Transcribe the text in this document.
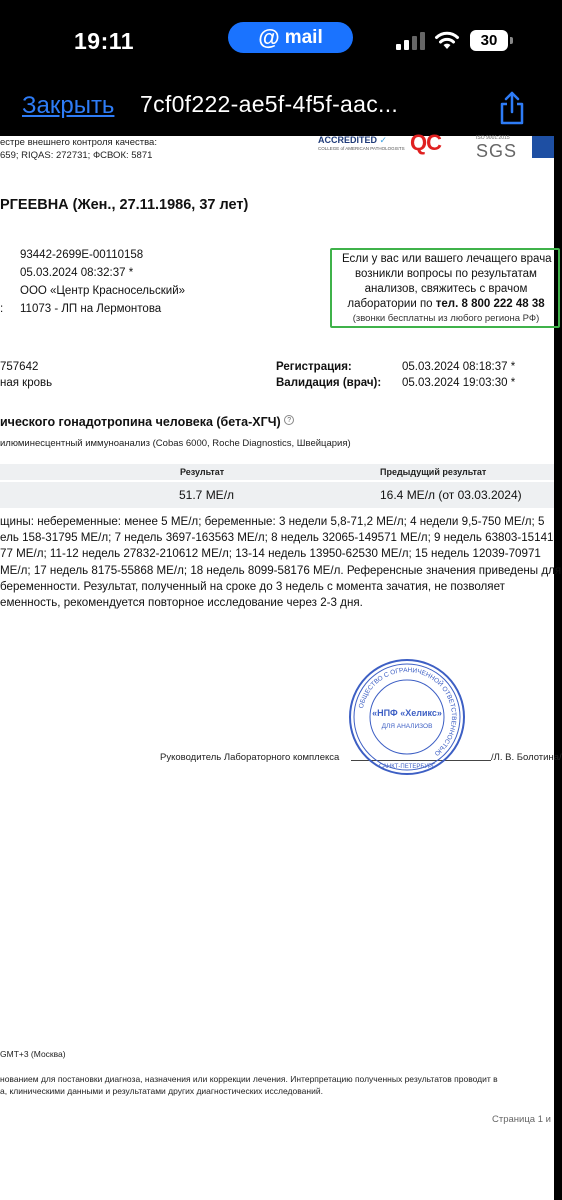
19:11	@ mail	30
Закрыть 7cf0f222-ae5f-4f5f-aac...
естре внешнего контроля качества:
659; RIQAS: 272731; ФСВОК: 5871
ACCREDITED ✓
COLLEGE of AMERICAN PATHOLOGISTS QC	ISO 9001:2015
SGS
РГЕЕВНА (Жен., 27.11.1986, 37 лет)
93442-2699E-00110158
05.03.2024 08:32:37 *
ООО «Центр Красносельский»
: 11073 - ЛП на Лермонтова
Если у вас или вашего лечащего врача
возникли вопросы по результатам
анализов, свяжитесь с врачом
лаборатории по тел. 8 800 222 48 38
(звонки бесплатны из любого региона РФ)
757642
ная кровь
Регистрация:	05.03.2024 08:18:37 *
Валидация (врач): 05.03.2024 19:03:30 *
ического гонадотропина человека (бета-ХГЧ) ?
илюминесцентный иммуноанализ (Cobas 6000, Roche Diagnostics, Швейцария)
Результат	Предыдущий результат
51.7 МЕ/л	16.4 МЕ/л (от 03.03.2024)
щины: небеременные: менее 5 МЕ/л; беременные: 3 недели 5,8-71,2 МЕ/л; 4 недели 9,5-750 МЕ/л; 5
ель 158-31795 МЕ/л; 7 недель 3697-163563 МЕ/л; 8 недель 32065-149571 МЕ/л; 9 недель 63803-15141
77 МЕ/л; 11-12 недель 27832-210612 МЕ/л; 13-14 недель 13950-62530 МЕ/л; 15 недель 12039-70971
МЕ/л; 17 недель 8175-55868 МЕ/л; 18 недель 8099-58176 МЕ/л. Референсные значения приведены для
беременности. Результат, полученный на сроке до 3 недель с момента зачатия, не позволяет
еменность, рекомендуется повторное исследование через 2-3 дня.
Руководитель Лабораторного комплекса	/Л. В. Болотина/
ОБЩЕСТВО С ОГРАНИЧЕННОЙ ОТВЕТСТВЕННОСТЬЮ
«НПФ «Хеликс»
ДЛЯ АНАЛИЗОВ
САНКТ-ПЕТЕРБУРГ
GMT+3 (Москва)
нованием для постановки диагноза, назначения или коррекции лечения. Интерпретацию полученных результатов проводит в
а, клиническими данными и результатами других диагностических исследований.
Страница 1 и
